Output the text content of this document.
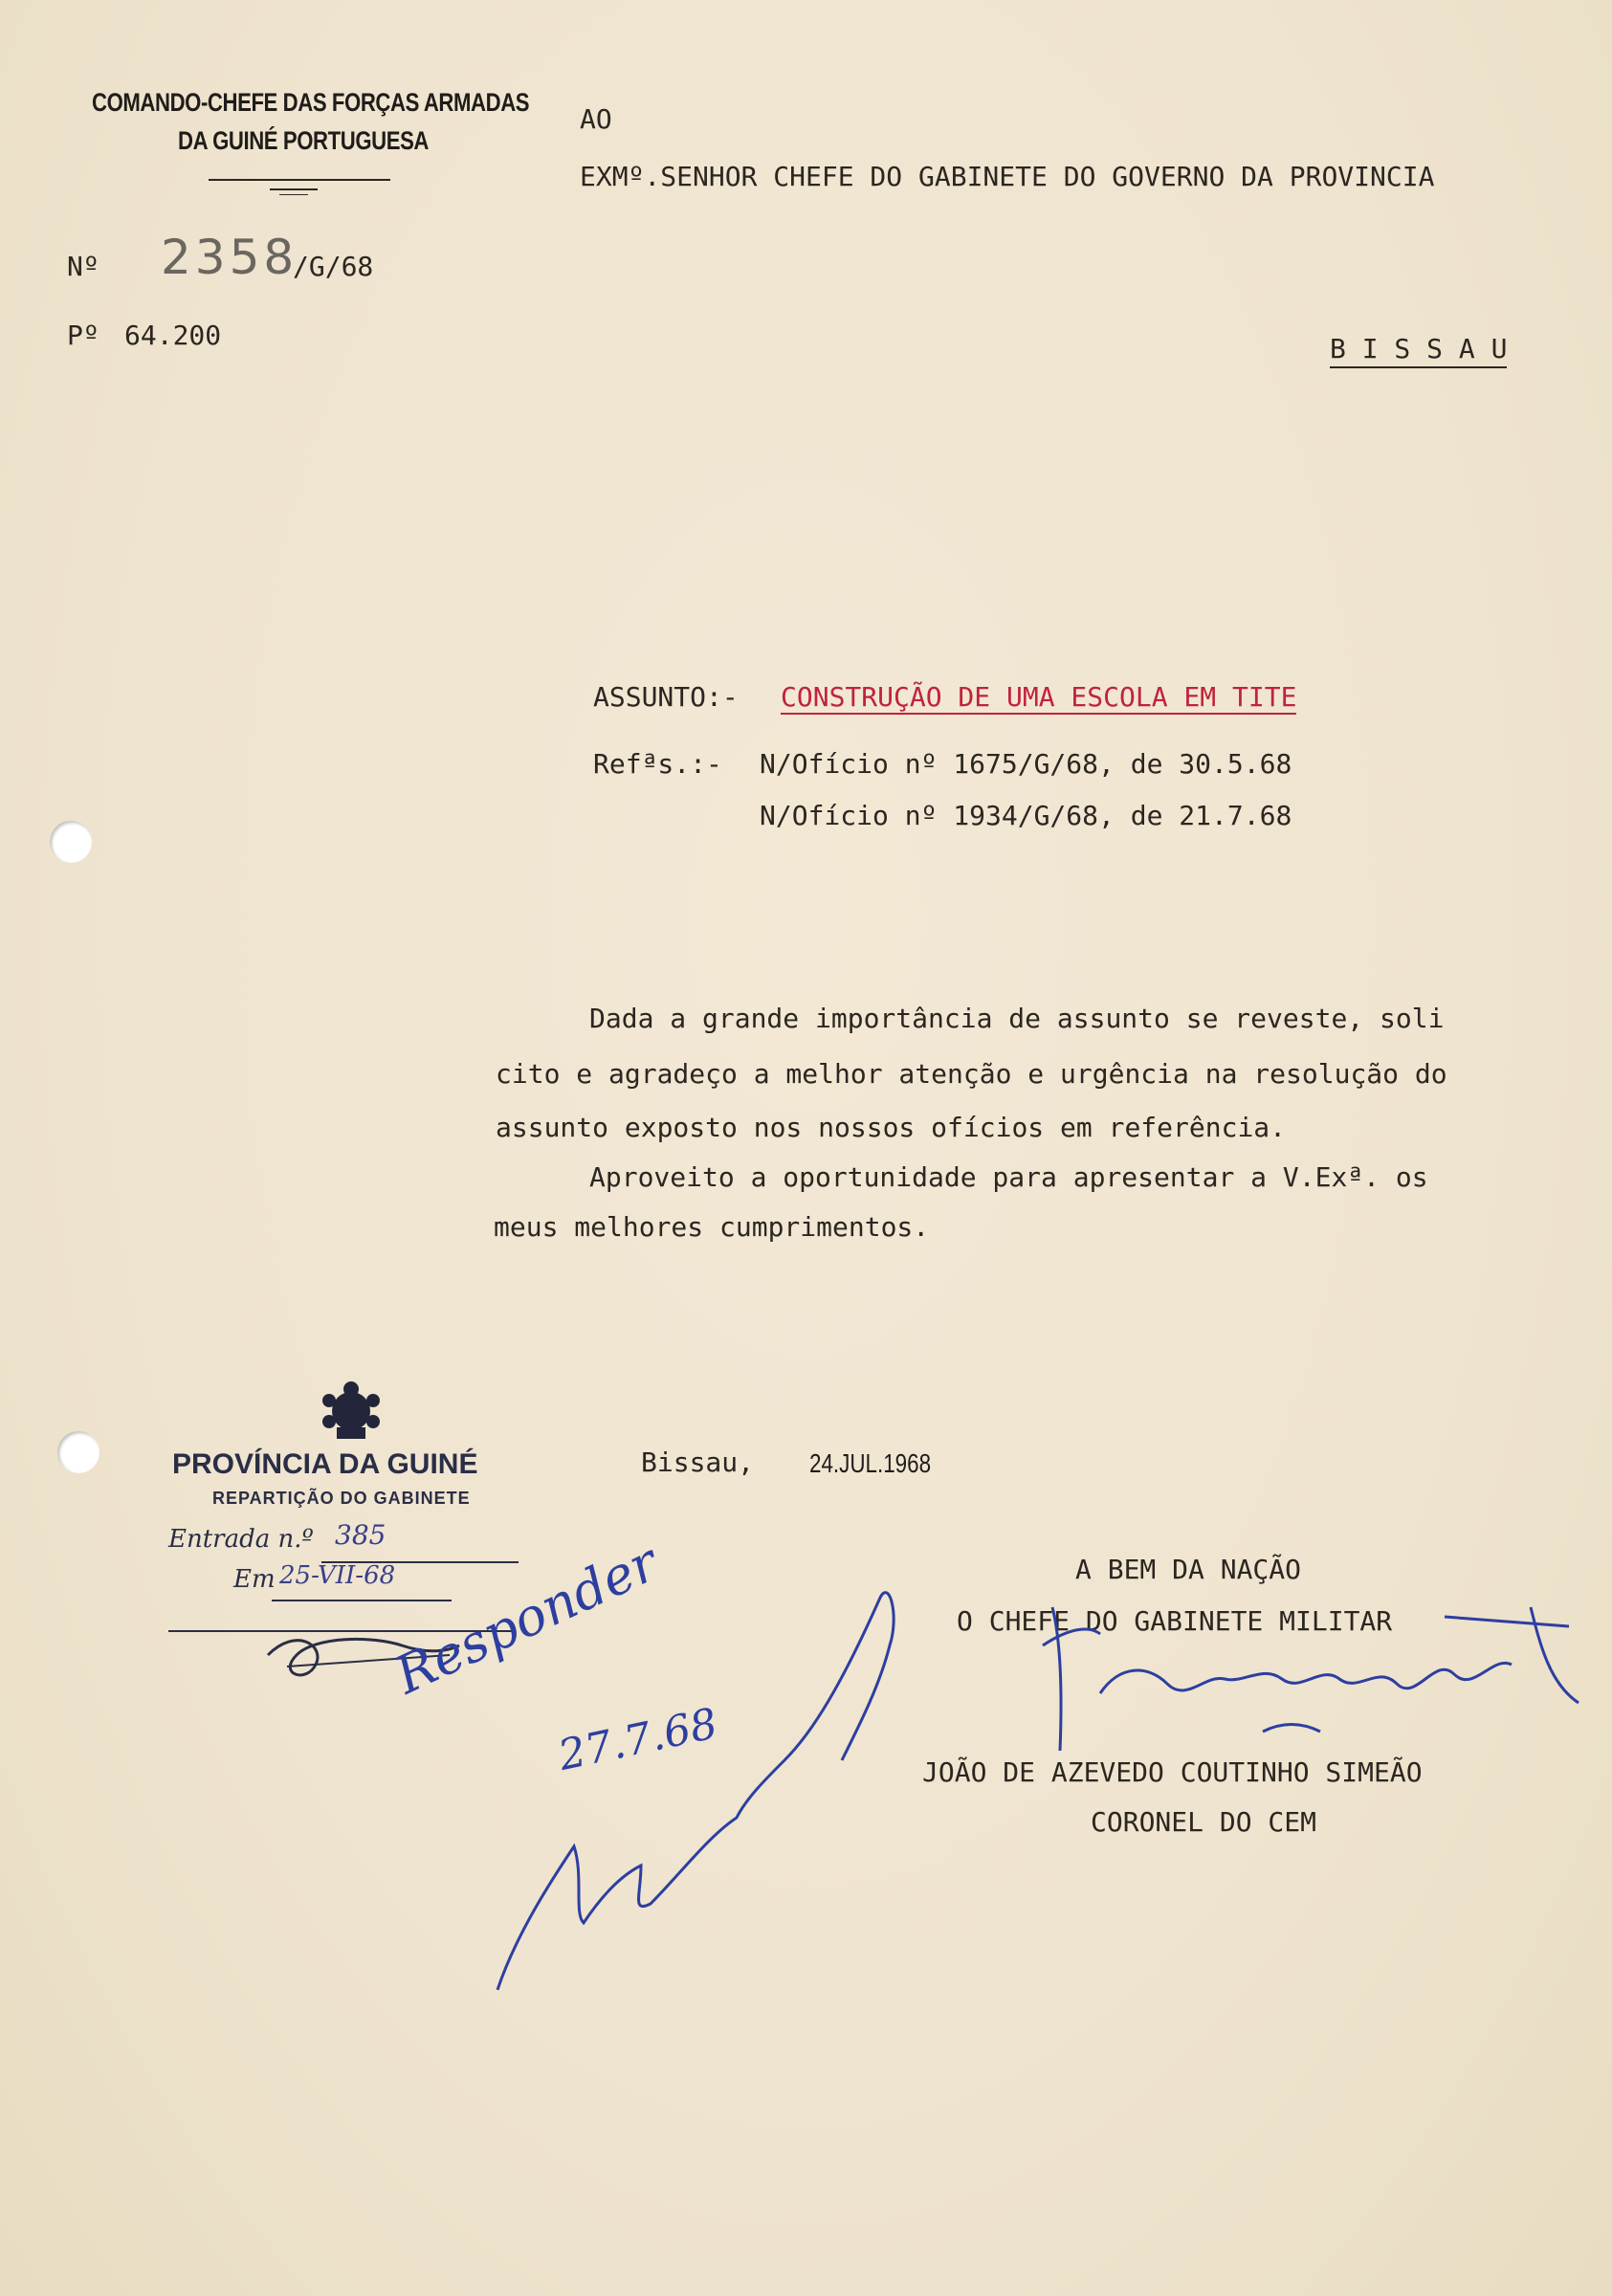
COMANDO-CHEFE DAS FORÇAS ARMADAS
DA GUINÉ PORTUGUESA
Nº 2358
/G/68
Pº 64.200
AO
EXMº.SENHOR CHEFE DO GABINETE DO GOVERNO DA PROVINCIA
B I S S A U
ASSUNTO:- CONSTRUÇÃO DE UMA ESCOLA EM TITE
Refªs.:- N/Ofício nº 1675/G/68, de 30.5.68
N/Ofício nº 1934/G/68, de 21.7.68
Dada a grande importância de assunto se reveste, soli
cito e agradeço a melhor atenção e urgência na resolução do
assunto exposto nos nossos ofícios em referência.
Aproveito a oportunidade para apresentar a V.Exª. os
meus melhores cumprimentos.
PROVÍNCIA DA GUINÉ
REPARTIÇÃO DO GABINETE
Entrada n.º 385
Em 25-VII-68
Bissau, 24.JUL.1968
A BEM DA NAÇÃO
O CHEFE DO GABINETE MILITAR
JOÃO DE AZEVEDO COUTINHO SIMEÃO
CORONEL DO CEM
Responder
27.7.68
